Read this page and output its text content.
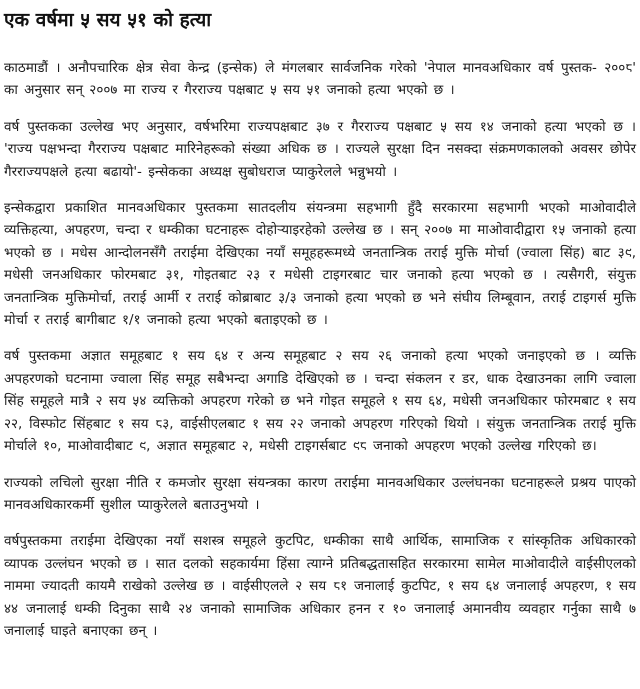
एक वर्षमा ५ सय ५१ को हत्या

काठमाडौं । अनौपचारिक क्षेत्र सेवा केन्द्र (इन्सेक) ले मंगलबार सार्वजनिक गरेको 'नेपाल मानवअधिकार वर्ष पुस्तक- २००८' का अनुसार सन् २००७ मा राज्य र गैरराज्य पक्षबाट ५ सय ५१ जनाको हत्या भएको छ ।

वर्ष पुस्तकका उल्लेख भए अनुसार, वर्षभरिमा राज्यपक्षबाट ३७ र गैरराज्य पक्षबाट ५ सय १४ जनाको हत्या भएको छ । 'राज्य पक्षभन्दा गैरराज्य पक्षबाट मारिनेहरूको संख्या अधिक छ । राज्यले सुरक्षा दिन नसक्दा संक्रमणकालको अवसर छोपेर गैरराज्यपक्षले हत्या बढायो'- इन्सेकका अध्यक्ष सुबोधराज प्याकुरेलले भन्नुभयो ।

इन्सेकद्वारा प्रकाशित मानवअधिकार पुस्तकमा सातदलीय संयन्त्रमा सहभागी हुँदै सरकारमा सहभागी भएको माओवादीले व्यक्तिहत्या, अपहरण, चन्दा र धम्कीका घटनाहरू दोहोऱ्याइरहेको उल्लेख छ । सन् २००७ मा माओवादीद्वारा १५ जनाको हत्या भएको छ । मधेस आन्दोलनसँगै तराईमा देखिएका नयाँ समूहहरूमध्ये जनतान्त्रिक तराई मुक्ति मोर्चा (ज्वाला सिंह) बाट ३९, मधेसी जनअधिकार फोरमबाट ३१, गोइतबाट २३ र मधेसी टाइगरबाट चार जनाको हत्या भएको छ । त्यसैगरी, संयुक्त जनतान्त्रिक मुक्तिमोर्चा, तराई आर्मी र तराई कोब्राबाट ३/३ जनाको हत्या भएको छ भने संघीय लिम्बूवान, तराई टाइगर्स मुक्ति मोर्चा र तराई बागीबाट १/१ जनाको हत्या भएको बताइएको छ ।

वर्ष पुस्तकमा अज्ञात समूहबाट १ सय ६४ र अन्य समूहबाट २ सय २६ जनाको हत्या भएको जनाइएको छ । व्यक्ति अपहरणको घटनामा ज्वाला सिंह समूह सबैभन्दा अगाडि देखिएको छ । चन्दा संकलन र डर, धाक देखाउनका लागि ज्वाला सिंह समूहले मात्रै २ सय ५४ व्यक्तिको अपहरण गरेको छ भने गोइत समूहले १ सय ६४, मधेसी जनअधिकार फोरमबाट १ सय २२, विस्फोट सिंहबाट १ सय ८३, वाईसीएलबाट १ सय २२ जनाको अपहरण गरिएको थियो । संयुक्त जनतान्त्रिक तराई मुक्ति मोर्चाले १०, माओवादीबाट ९, अज्ञात समूहबाट २, मधेसी टाइगर्सबाट ९८ जनाको अपहरण भएको उल्लेख गरिएको छ।

राज्यको लचिलो सुरक्षा नीति र कमजोर सुरक्षा संयन्त्रका कारण तराईमा मानवअधिकार उल्लंघनका घटनाहरूले प्रश्रय पाएको मानवअधिकारकर्मी सुशील प्याकुरेलले बताउनुभयो ।

वर्षपुस्तकमा तराईमा देखिएका नयाँ सशस्त्र समूहले कुटपिट, धम्कीका साथै आर्थिक, सामाजिक र सांस्कृतिक अधिकारको व्यापक उल्लंघन भएको छ । सात दलको सहकार्यमा हिंसा त्याग्ने प्रतिबद्धतासहित सरकारमा सामेल माओवादीले वाईसीएलको नाममा ज्यादती कायमै राखेको उल्लेख छ । वाईसीएलले २ सय ८१ जनालाई कुटपिट, १ सय ६४ जनालाई अपहरण, १ सय ४४ जनालाई धम्की दिनुका साथै २४ जनाको सामाजिक अधिकार हनन र १० जनालाई अमानवीय व्यवहार गर्नुका साथै ७ जनालाई घाइते बनाएका छन् ।
